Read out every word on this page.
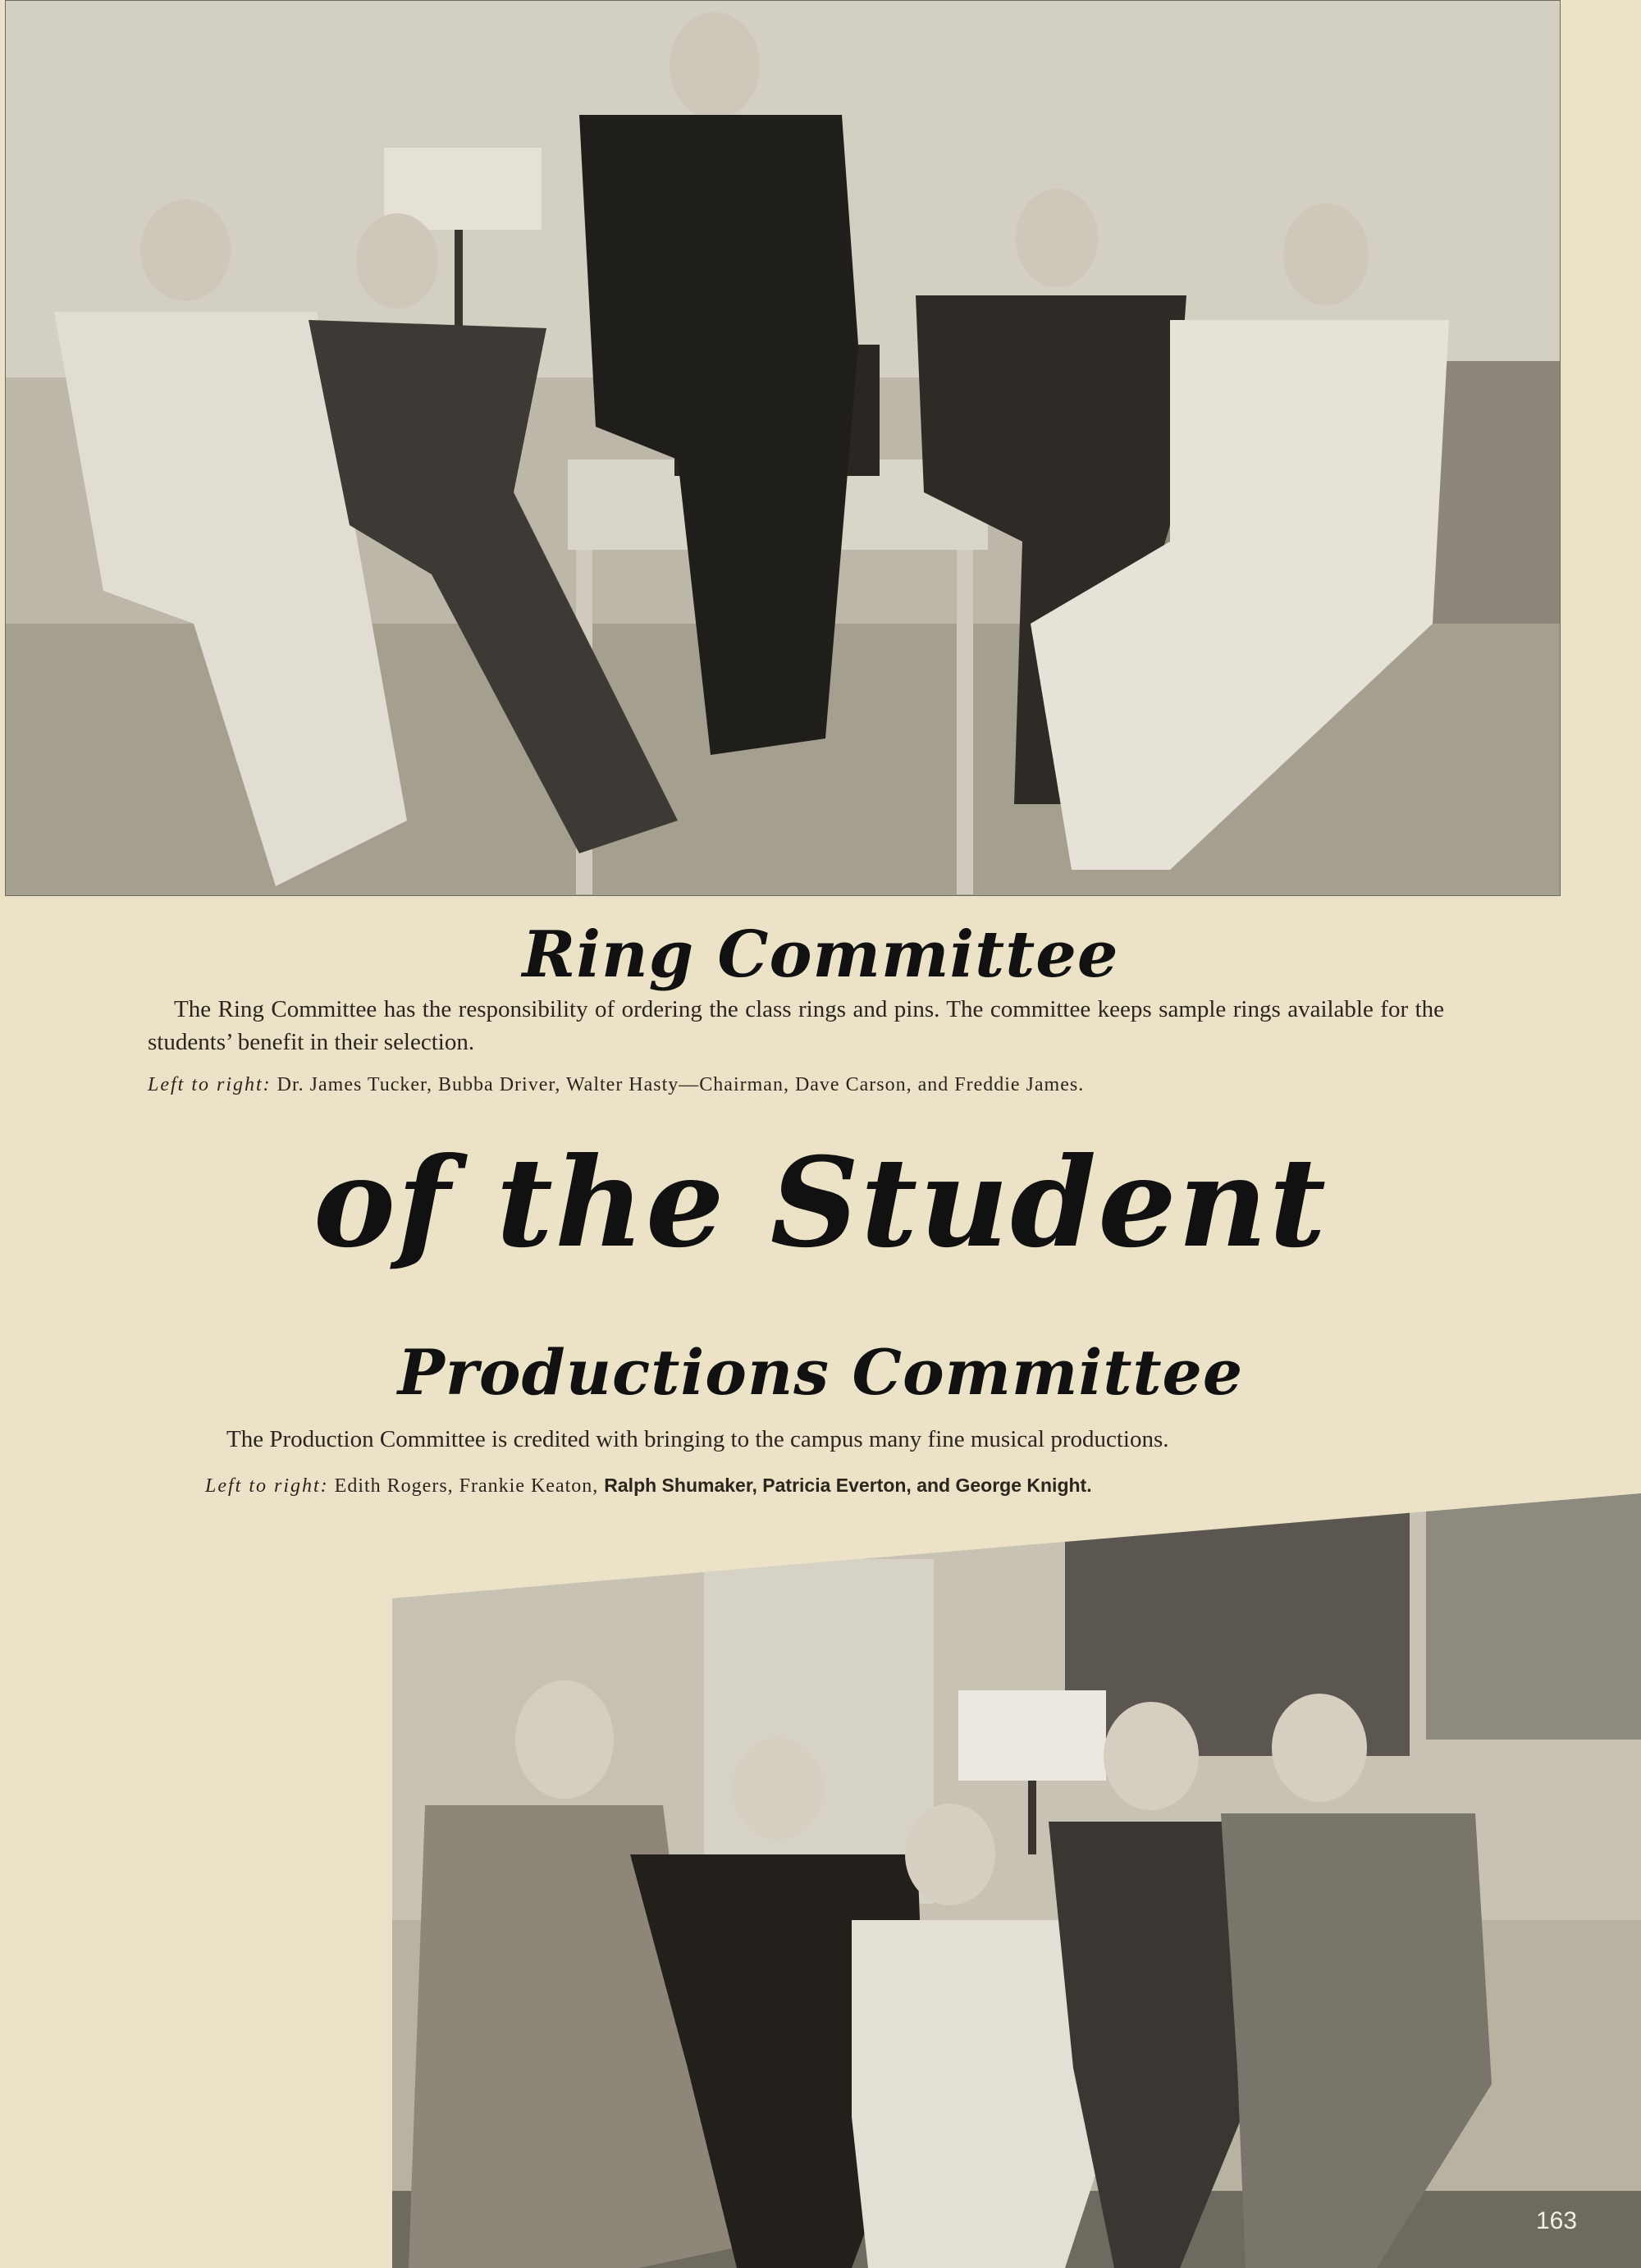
Ring Committee
The Ring Committee has the responsibility of ordering the class rings and pins. The committee keeps sample rings available for the students’ benefit in their selection.
Left to right: Dr. James Tucker, Bubba Driver, Walter Hasty—Chairman, Dave Carson, and Freddie James.
of the Student
Productions Committee
The Production Committee is credited with bringing to the campus many fine musical productions.
Left to right: Edith Rogers, Frankie Keaton, Ralph Shumaker, Patricia Everton, and George Knight.
163
